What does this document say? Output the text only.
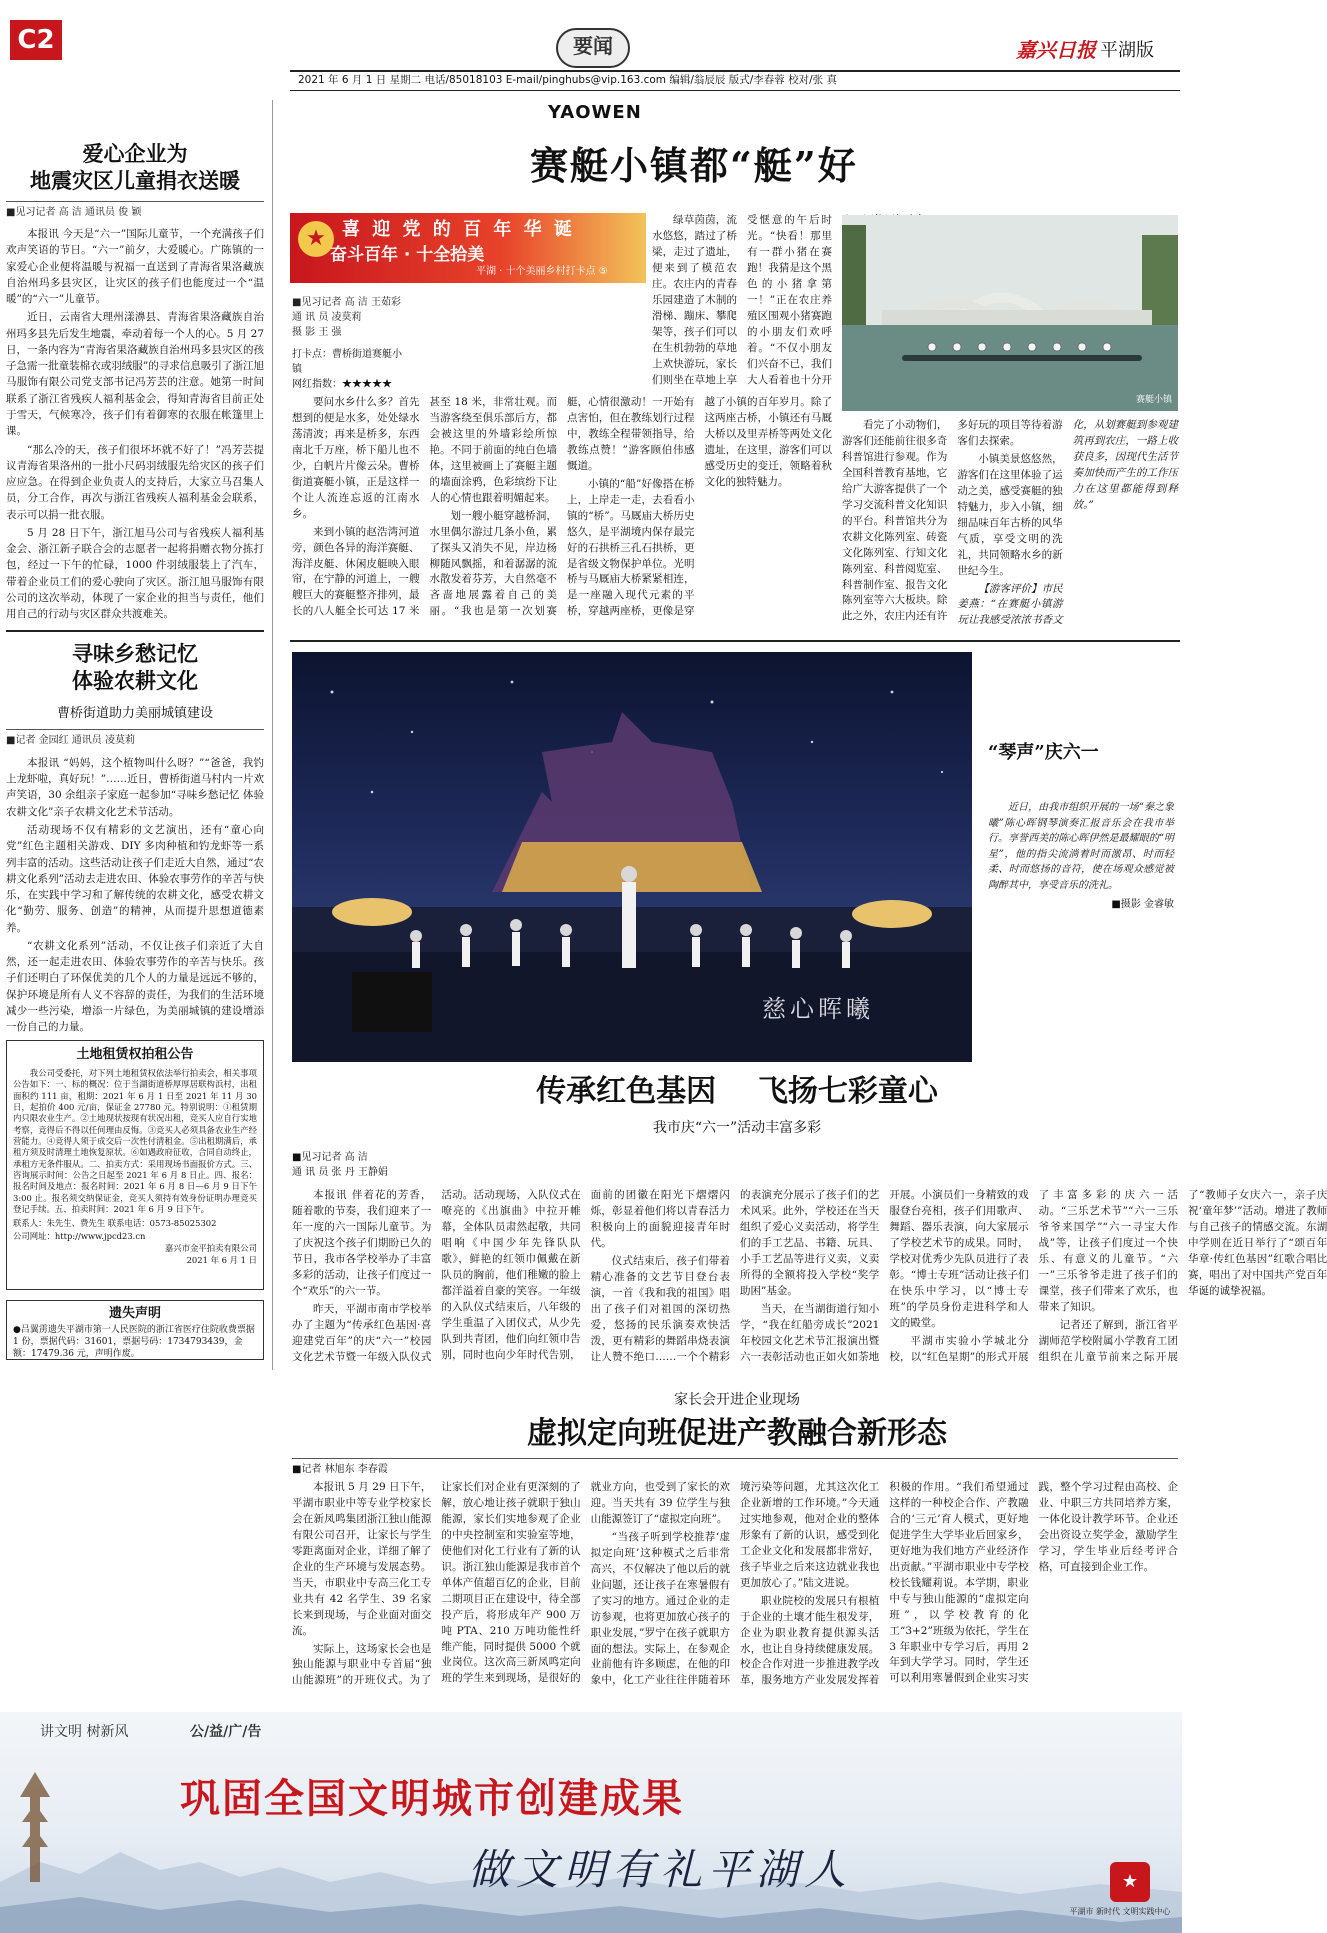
C2	要闻	嘉兴日报 平湖版
2021 年 6 月 1 日 星期二 电话/85018103 E-mail/pinghubs@vip.163.com 编辑/翁辰辰 版式/李春蓉 校对/张 真
YAOWEN
爱心企业为
地震灾区儿童捐衣送暖
■见习记者 高 洁 通讯员 俊 颖

本报讯 今天是“六一”国际儿童节，一个充满孩子们欢声笑语的节日。“六一”前夕，大爱暖心。广陈镇的一家爱心企业便将温暖与祝福一直送到了青海省果洛藏族自治州玛多县灾区，让灾区的孩子们也能度过一个“温暖”的“六一”儿童节。

近日，云南省大理州漾濞县、青海省果洛藏族自治州玛多县先后发生地震，牵动着每一个人的心。5 月 27 日，一条内容为“青海省果洛藏族自治州玛多县灾区的孩子急需一批童装棉衣或羽绒服”的寻求信息吸引了浙江旭马服饰有限公司党支部书记冯芳芸的注意。她第一时间联系了浙江省残疾人福利基金会，得知青海省目前正处于雪天，气候寒冷，孩子们有着御寒的衣服在帐篷里上课。

“那么冷的天，孩子们很坏坏就不好了！”冯芳芸提议青海省果洛州的一批小尺码羽绒服先给灾区的孩子们应应急。在得到企业负责人的支持后，大家立马召集人员，分工合作，再次与浙江省残疾人福利基金会联系，表示可以捐一批衣服。

5 月 28 日下午，浙江旭马公司与省残疾人福利基金会、浙江新子联合会的志愿者一起将捐赠衣物分拣打包，经过一下午的忙碌，1000 件羽绒服装上了汽车，带着企业员工们的爱心驶向了灾区。浙江旭马服饰有限公司的这次举动，体现了一家企业的担当与责任，他们用自己的行动与灾区群众共渡难关。

寻味乡愁记忆
体验农耕文化
曹桥街道助力美丽城镇建设
■记者 金园红 通讯员 凌莫莉

本报讯 “妈妈，这个植物叫什么呀？”“爸爸，我钓上龙虾啦，真好玩！”……近日，曹桥街道马村内一片欢声笑语，30 余组亲子家庭一起参加“寻味乡愁记忆 体验农耕文化”亲子农耕文化艺术节活动。

活动现场不仅有精彩的文艺演出，还有“童心向党”红色主题相关游戏、DIY 多肉种植和钓龙虾等一系列丰富的活动。这些活动让孩子们走近大自然，通过“农耕文化系列”活动去走进农田、体验农事劳作的辛苦与快乐，在实践中学习和了解传统的农耕文化，感受农耕文化“勤劳、服务、创造”的精神，从而提升思想道德素养。

“农耕文化系列”活动，不仅让孩子们亲近了大自然，还一起走进农田、体验农事劳作的辛苦与快乐。孩子们还明白了环保优美的几个人的力量是远远不够的，保护环境是所有人义不容辞的责任，为我们的生活环境减少一些污染，增添一片绿色，为美丽城镇的建设增添一份自己的力量。

土地租赁权拍租公告

我公司受委托，对下列土地租赁权依法举行拍卖会，相关事项公告如下：一、标的概况：位于当湖街道桥厚厚居联构浜村，出租面积约 111 亩，租期：2021 年 6 月 1 日至 2021 年 11 月 30 日，起拍价 400 元/亩，保证金 27780 元。特别说明：①租赁期内只限农业生产。②土地现状按现有状况出租，竞买人应自行实地考察，竞得后不得以任何理由反悔。③竞买人必须具备农业生产经营能力。④竞得人须于成交后一次性付清租金。⑤出租期满后，承租方须及时清理土地恢复原状。⑥如遇政府征收，合同自动终止，承租方无条件服从。二、拍卖方式：采用现场书面报价方式。三、咨询展示时间：公告之日起至 2021 年 6 月 8 日止。四、报名：报名时间及地点：报名时间：2021 年 6 月 8 日—6 月 9 日下午 3:00 止。报名须交纳保证金，竞买人须持有效身份证明办理竞买登记手续。五、拍卖时间：2021 年 6 月 9 日下午。

联系人：朱先生、费先生 联系电话：0573-85025302
公司网址：http://www.jpcd23.cn
嘉兴市金平拍卖有限公司
2021 年 6 月 1 日
遗失声明
●吕翼雳遗失平湖市第一人民医院的浙江省医疗住院收费票据 1 份，票据代码：31601，票据号码：1734793439，金额：17479.36 元，声明作废。
★ 喜 迎 党 的 百 年 华 诞
奋斗百年 · 十全拾美
平湖 · 十个美丽乡村打卡点 ⑤
赛艇小镇都“艇”好
■见习记者 高 洁 王茹彩
通 讯 员 凌莫莉
摄 影 王 强
打卡点：曹桥街道赛艇小镇
网红指数：★★★★★

要问水乡什么多？首先想到的便是水多，处处绿水荡清波；再来是桥多，东西南北千万座，桥下船儿也不少，白帆片片像云朵。曹桥街道赛艇小镇，正是这样一个让人流连忘返的江南水乡。

来到小镇的赵浩湾河道旁，颜色各异的海洋赛艇、海洋皮艇、休闲皮艇映入眼帘，在宁静的河道上，一艘艘巨大的赛艇整齐排列，最长的八人艇全长可达 17 米甚至 18 米，非常壮观。而当游客绕至俱乐部后方，都会被这里的外墙彩绘所惊艳。不同于前面的纯白色墙体，这里被画上了赛艇主题的墙面涂鸦，色彩缤纷下让人的心情也跟着明媚起来。

划一艘小艇穿越桥洞，水里偶尔游过几条小鱼，累了探头又消失不见，岸边杨柳随风飘摇，和着潺潺的流水散发着芬芳，大自然毫不吝啬地展露着自己的美丽。“我也是第一次划赛艇，心情很激动！一开始有点害怕，但在教练划行过程中，教练全程带领指导，给教练点赞！”游客顾伯伟感慨道。

小镇的“船”好像搭在桥上，上岸走一走，去看看小镇的“桥”。马厩庙大桥历史悠久，是平湖境内保存最完好的石拱桥三孔石拱桥，更是省级文物保护单位。光明桥与马厩庙大桥紧紧相连，是一座融入现代元素的平桥，穿越两座桥，更像是穿越了小镇的百年岁月。除了这两座古桥，小镇还有马厩大桥以及里弄桥等两处文化遗址，在这里，游客们可以感受历史的变迁，领略着秋文化的独特魅力。

绿草茵茵，流水悠悠，踏过了桥梁，走过了遗址，便来到了模范农庄。农庄内的青春乐园建造了木制的滑梯、蹦床、攀爬架等，孩子们可以在生机勃勃的草地上欢快游玩，家长们则坐在草地上享受惬意的午后时光。“快看！那里有一群小猪在赛跑！我猜是这个黑色的小猪拿第一！”正在农庄养殖区围观小猪赛跑的小朋友们欢呼着。“不仅小朋友们兴奋不已，我们大人看着也十分开

赛艇小镇

看完了小动物们，游客们还能前往很多奇科普馆进行参观。作为全国科普教育基地，它给广大游客提供了一个学习交流科普文化知识的平台。科普馆共分为农耕文化陈列室、砖瓷文化陈列室、行知文化陈列室、科普阅览室、科普制作室、报告文化陈列室等六大板块。除此之外，农庄内还有许多好玩的项目等待着游客们去探索。

小镇美景悠悠然，游客们在这里体验了运动之美，感受赛艇的独特魅力，步入小镇，细细品味百年古桥的风华气质，享受文明的洗礼，共同领略水乡的新世纪今生。

【游客评价】市民姜燕：“在赛艇小镇游玩让我感受浓浓书香文化，从划赛艇到参观建筑再到农庄，一路上收获良多，因现代生活节奏加快而产生的工作压力在这里都能得到释放。”

慈心晖曦
“琴声”庆六一

近日，由我市组织开展的一场“秦之象曦”陈心晖钢琴演奏汇报音乐会在我市举行。享誉西美的陈心晖伊然是最耀眼的“明星”，他的指尖流淌着时而激昂、时而轻柔、时而悠扬的音符，使在场观众感觉被陶醉其中，享受音乐的洗礼。

■摄影 金睿敏
传承红色基因    飞扬七彩童心
我市庆“六一”活动丰富多彩
■见习记者 高 洁
通 讯 员 张 丹 王静娟

本报讯 伴着花的芳香，随着歌的节奏，我们迎来了一年一度的六一国际儿童节。为了庆祝这个孩子们期盼已久的节日，我市各学校举办了丰富多彩的活动，让孩子们度过一个“欢乐”的六一节。

昨天，平湖市南市学校举办了主题为“传承红色基因·喜迎建党百年”的庆“六一”校园文化艺术节暨一年级入队仪式活动。活动现场，入队仪式在嘹亮的《出旗曲》中拉开帷幕，全体队员肃然起敬，共同唱响《中国少年先锋队队歌》，鲜艳的红领巾佩戴在新队员的胸前，他们稚嫩的脸上都洋溢着自豪的笑容。一年级的入队仪式结束后，八年级的学生重温了入团仪式，从少先队到共青团，他们向红领巾告别，同时也向少年时代告别，面前的团徽在阳光下熠熠闪烁，彰显着他们将以青春活力积极向上的面貌迎接青年时代。

仪式结束后，孩子们带着精心准备的文艺节目登台表演，一首《我和我的祖国》唱出了孩子们对祖国的深切热爱，悠扬的民乐演奏欢快活泼，更有精彩的舞蹈串烧表演让人赞不绝口……一个个精彩的表演充分展示了孩子们的艺术风采。此外，学校还在当天组织了爱心义卖活动，将学生们的手工艺品、书籍、玩具、小手工艺品等进行义卖，义卖所得的全额将投入学校“奖学助困”基金。

当天，在当湖街道行知小学，“我在红船旁成长”2021 年校园文化艺术节汇报演出暨六一表彰活动也正如火如荼地开展。小演员们一身精致的戏服登台亮相，孩子们用歌声、舞蹈、器乐表演，向大家展示了学校艺术节的成果。同时，学校对优秀少先队员进行了表彰。“博士专班”活动让孩子们在快乐中学习，以“博士专班”的学员身份走进科学和人文的殿堂。

平湖市实验小学城北分校，以“红色星期”的形式开展了丰富多彩的庆六一活动。“三乐艺术节”“六一三乐爷爷来国学”“六一寻宝大作战”等，让孩子们度过一个快乐、有意义的儿童节。“六一”三乐爷爷走进了孩子们的课堂，孩子们带来了欢乐，也带来了知识。

记者还了解到，浙江省平湖师范学校附属小学教育工团组织在儿童节前来之际开展了“教师子女庆六一，亲子庆祝‘童年梦’”活动。增进了教师与自己孩子的情感交流。东湖中学则在近日举行了“颂百年华章·传红色基因”红歌合唱比赛，唱出了对中国共产党百年华诞的诚挚祝福。

家长会开进企业现场
虚拟定向班促进产教融合新形态
■记者 林旭东 李春霞

本报讯 5 月 29 日下午，平湖市职业中等专业学校家长会在新凤鸣集团浙江独山能源有限公司召开，让家长与学生零距离面对企业，详细了解了企业的生产环境与发展态势。当天，市职业中专高三化工专业共有 42 名学生、39 名家长来到现场，与企业面对面交流。

实际上，这场家长会也是独山能源与职业中专首届“独山能源班”的开班仪式。为了让家长们对企业有更深刻的了解，放心地让孩子就职于独山能源，家长们实地参观了企业的中央控制室和实验室等地，使他们对化工行业有了新的认识。浙江独山能源是我市首个单体产值超百亿的企业，目前二期项目正在建设中，待全部投产后，将形成年产 900 万吨 PTA、210 万吨功能性纤维产能，同时提供 5000 个就业岗位。这次高三新凤鸣定向班的学生来到现场，是很好的就业方向，也受到了家长的欢迎。当天共有 39 位学生与独山能源签订了“虚拟定向班”。

“当孩子听到学校推荐‘虚拟定向班’这种模式之后非常高兴，不仅解决了他以后的就业问题，还让孩子在寒暑假有了实习的地方。通过企业的走访参观，也将更加放心孩子的职业发展，”罗宁在孩子就职方面的想法。实际上，在参观企业前他有许多顾虑，在他的印象中，化工产业往往伴随着环境污染等问题，尤其这次化工企业新增的工作环境。”今天通过实地参观，他对企业的整体形象有了新的认识，感受到化工企业文化和发展都非常好，孩子毕业之后来这边就业我也更加放心了。”陆文进说。

职业院校的发展只有根植于企业的土壤才能生根发芽，企业为职业教育提供源头活水，也让自身持续健康发展。校企合作对进一步推进教学改革，服务地方产业发展发挥着积极的作用。“我们希望通过这样的一种校企合作、产教融合的‘三元’育人模式，更好地促进学生大学毕业后回家乡，更好地为我们地方产业经济作出贡献。”平湖市职业中专学校校长钱耀莉说。本学期，职业中专与独山能源的“虚拟定向班”，以学校教育的化工“3+2”班级为依托，学生在 3 年职业中专学习后，再用 2 年到大学学习。同时，学生还可以利用寒暑假到企业实习实践，整个学习过程由高校、企业、中职三方共同培养方案，一体化设计教学环节。企业还会出资设立奖学金，激励学生学习，学生毕业后经考评合格，可直接到企业工作。

讲文明 树新风	公/益/广/告
巩固全国文明城市创建成果
做文明有礼平湖人	★
平湖市 新时代 文明实践中心
